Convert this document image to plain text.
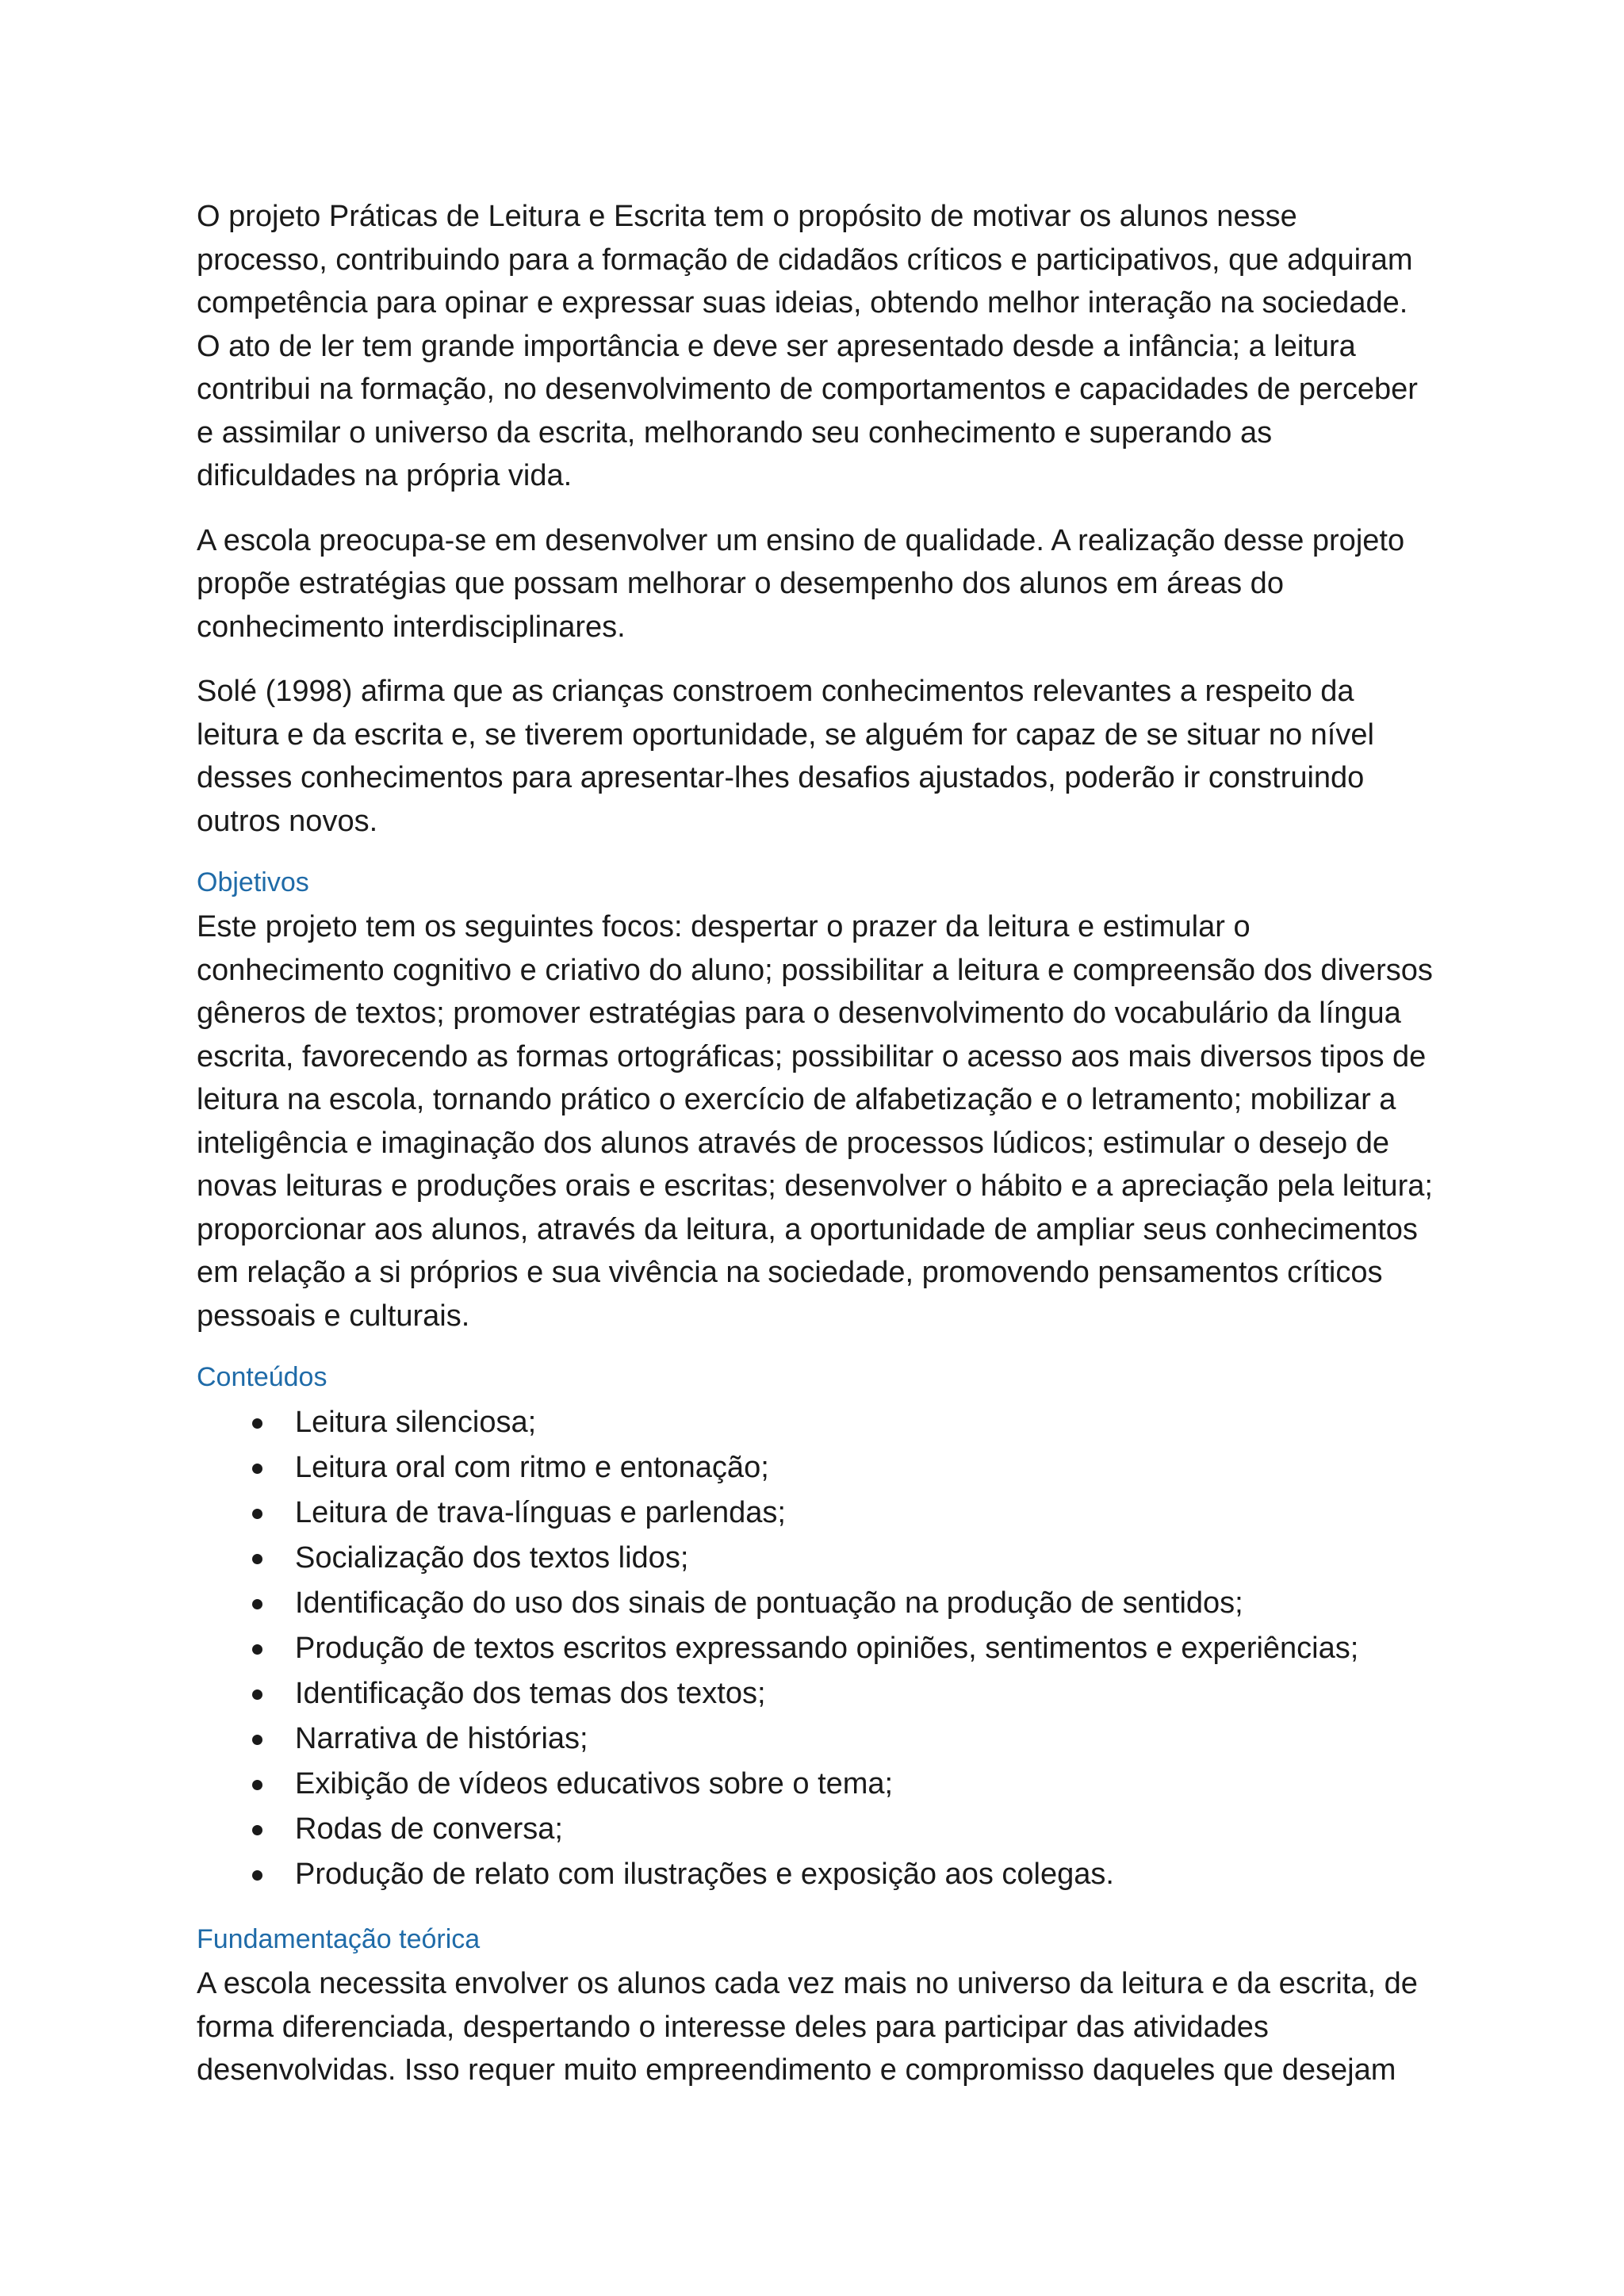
O projeto Práticas de Leitura e Escrita tem o propósito de motivar os alunos nesse processo, contribuindo para a formação de cidadãos críticos e participativos, que adquiram competência para opinar e expressar suas ideias, obtendo melhor interação na sociedade. O ato de ler tem grande importância e deve ser apresentado desde a infância; a leitura contribui na formação, no desenvolvimento de comportamentos e capacidades de perceber e assimilar o universo da escrita, melhorando seu conhecimento e superando as dificuldades na própria vida.

A escola preocupa-se em desenvolver um ensino de qualidade. A realização desse projeto propõe estratégias que possam melhorar o desempenho dos alunos em áreas do conhecimento interdisciplinares.

Solé (1998) afirma que as crianças constroem conhecimentos relevantes a respeito da leitura e da escrita e, se tiverem oportunidade, se alguém for capaz de se situar no nível desses conhecimentos para apresentar-lhes desafios ajustados, poderão ir construindo outros novos.

Objetivos

Este projeto tem os seguintes focos: despertar o prazer da leitura e estimular o conhecimento cognitivo e criativo do aluno; possibilitar a leitura e compreensão dos diversos gêneros de textos; promover estratégias para o desenvolvimento do vocabulário da língua escrita, favorecendo as formas ortográficas; possibilitar o acesso aos mais diversos tipos de leitura na escola, tornando prático o exercício de alfabetização e o letramento; mobilizar a inteligência e imaginação dos alunos através de processos lúdicos; estimular o desejo de novas leituras e produções orais e escritas; desenvolver o hábito e a apreciação pela leitura; proporcionar aos alunos, através da leitura, a oportunidade de ampliar seus conhecimentos em relação a si próprios e sua vivência na sociedade, promovendo pensamentos críticos pessoais e culturais.

Conteúdos
Leitura silenciosa;
Leitura oral com ritmo e entonação;
Leitura de trava-línguas e parlendas;
Socialização dos textos lidos;
Identificação do uso dos sinais de pontuação na produção de sentidos;
Produção de textos escritos expressando opiniões, sentimentos e experiências;
Identificação dos temas dos textos;
Narrativa de histórias;
Exibição de vídeos educativos sobre o tema;
Rodas de conversa;
Produção de relato com ilustrações e exposição aos colegas.
Fundamentação teórica

A escola necessita envolver os alunos cada vez mais no universo da leitura e da escrita, de forma diferenciada, despertando o interesse deles para participar das atividades desenvolvidas. Isso requer muito empreendimento e compromisso daqueles que desejam
